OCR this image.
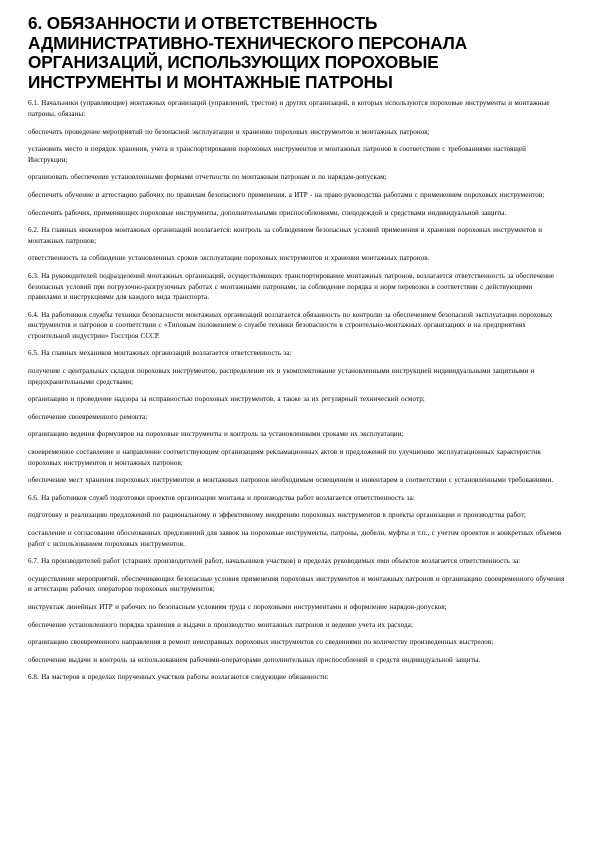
6. ОБЯЗАННОСТИ И ОТВЕТСТВЕННОСТЬ АДМИНИСТРАТИВНО-ТЕХНИЧЕСКОГО ПЕРСОНАЛА ОРГАНИЗАЦИЙ, ИСПОЛЬЗУЮЩИХ ПОРОХОВЫЕ ИНСТРУМЕНТЫ И МОНТАЖНЫЕ ПАТРОНЫ

6.1. Начальники (управляющие) монтажных организаций (управлений, трестов) и других организаций, в которых используются пороховые инструменты и монтажные патроны, обязаны:

обеспечить проведение мероприятий по безопасной эксплуатации и хранению пороховых инструментов и монтажных патронов;

установить место и порядок хранения, учета и транспортирования пороховых инструментов и монтажных патронов в соответствии с требованиями настоящей Инструкции;

организовать обеспечение установленными формами отчетности по монтажным патронам и по нарядам-допускам;

обеспечить обучение и аттестацию рабочих по правилам безопасного применения, а ИТР - на право руководства работами с применением пороховых инструментов;

обеспечить рабочих, применяющих пороховые инструменты, дополнительными приспособлениями, спецодеждой и средствами индивидуальной защиты.

6.2. На главных инженеров монтажных организаций возлагается: контроль за соблюдением безопасных условий применения и хранения пороховых инструментов и монтажных патронов;

ответственность за соблюдение установленных сроков эксплуатации пороховых инструментов и хранения монтажных патронов.

6.3. На руководителей подразделений монтажных организаций, осуществляющих транспортирование монтажных патронов, возлагается ответственность за обеспечение безопасных условий при погрузочно-разгрузочных работах с монтажными патронами, за соблюдение порядка и норм перевозки в соответствии с действующими правилами и инструкциями для каждого вида транспорта.

6.4. На работников службы техники безопасности монтажных организаций возлагается обязанность по контролю за обеспечением безопасной эксплуатации пороховых инструментов и патронов в соответствии с «Типовым положением о службе техники безопасности в строительно-монтажных организациях и на предприятиях строительной индустрии» Госстроя СССР.

6.5. На главных механиков монтажных организаций возлагается ответственность за:

получение с центральных складов пороховых инструментов, распределение их и укомплектование установленными инструкцией индивидуальными защитными и предохранительными средствами;

организацию и проведение надзора за исправностью пороховых инструментов, а также за их регулярный технический осмотр;

обеспечение своевременного ремонта;

организацию ведения формуляров на пороховые инструменты и контроль за установленными сроками их эксплуатации;

своевременное составление и направление соответствующим организациям рекламационных актов и предложений по улучшению эксплуатационных характеристик пороховых инструментов и монтажных патронов;

обеспечение мест хранения пороховых инструментов и монтажных патронов необходимым освещением и инвентарем в соответствии с установленными требованиями.

6.6. На работников служб подготовки проектов организации монтажа и производства работ возлагается ответственность за:

подготовку и реализацию предложений по рациональному и эффективному внедрению пороховых инструментов в проекты организации и производства работ;

составление и согласование обоснованных предложений для заявок на пороховые инструменты, патроны, дюбели, муфты и т.п., с учетом проектов и конкретных объемов работ с использованием пороховых инструментов.

6.7. На производителей работ (старших производителей работ, начальников участков) в пределах руководимых ими объектов возлагается ответственность за:

осуществление мероприятий, обеспечивающих безопасные условия применения пороховых инструментов и монтажных патронов и организацию своевременного обучения и аттестации рабочих операторов пороховых инструментов;

инструктаж линейных ИТР и рабочих по безопасным условиям труда с пороховыми инструментами и оформление нарядов-допусков;

обеспечение установленного порядка хранения и выдачи в производство монтажных патронов и ведение учета их расхода;

организацию своевременного направления в ремонт неисправных пороховых инструментов со сведениями по количеству произведенных выстрелов;

обеспечение выдачи и контроль за использованием рабочими-операторами дополнительных приспособлений и средств индивидуальной защиты.

6.8. На мастеров в пределах порученных участков работы возлагаются следующие обязанности:
